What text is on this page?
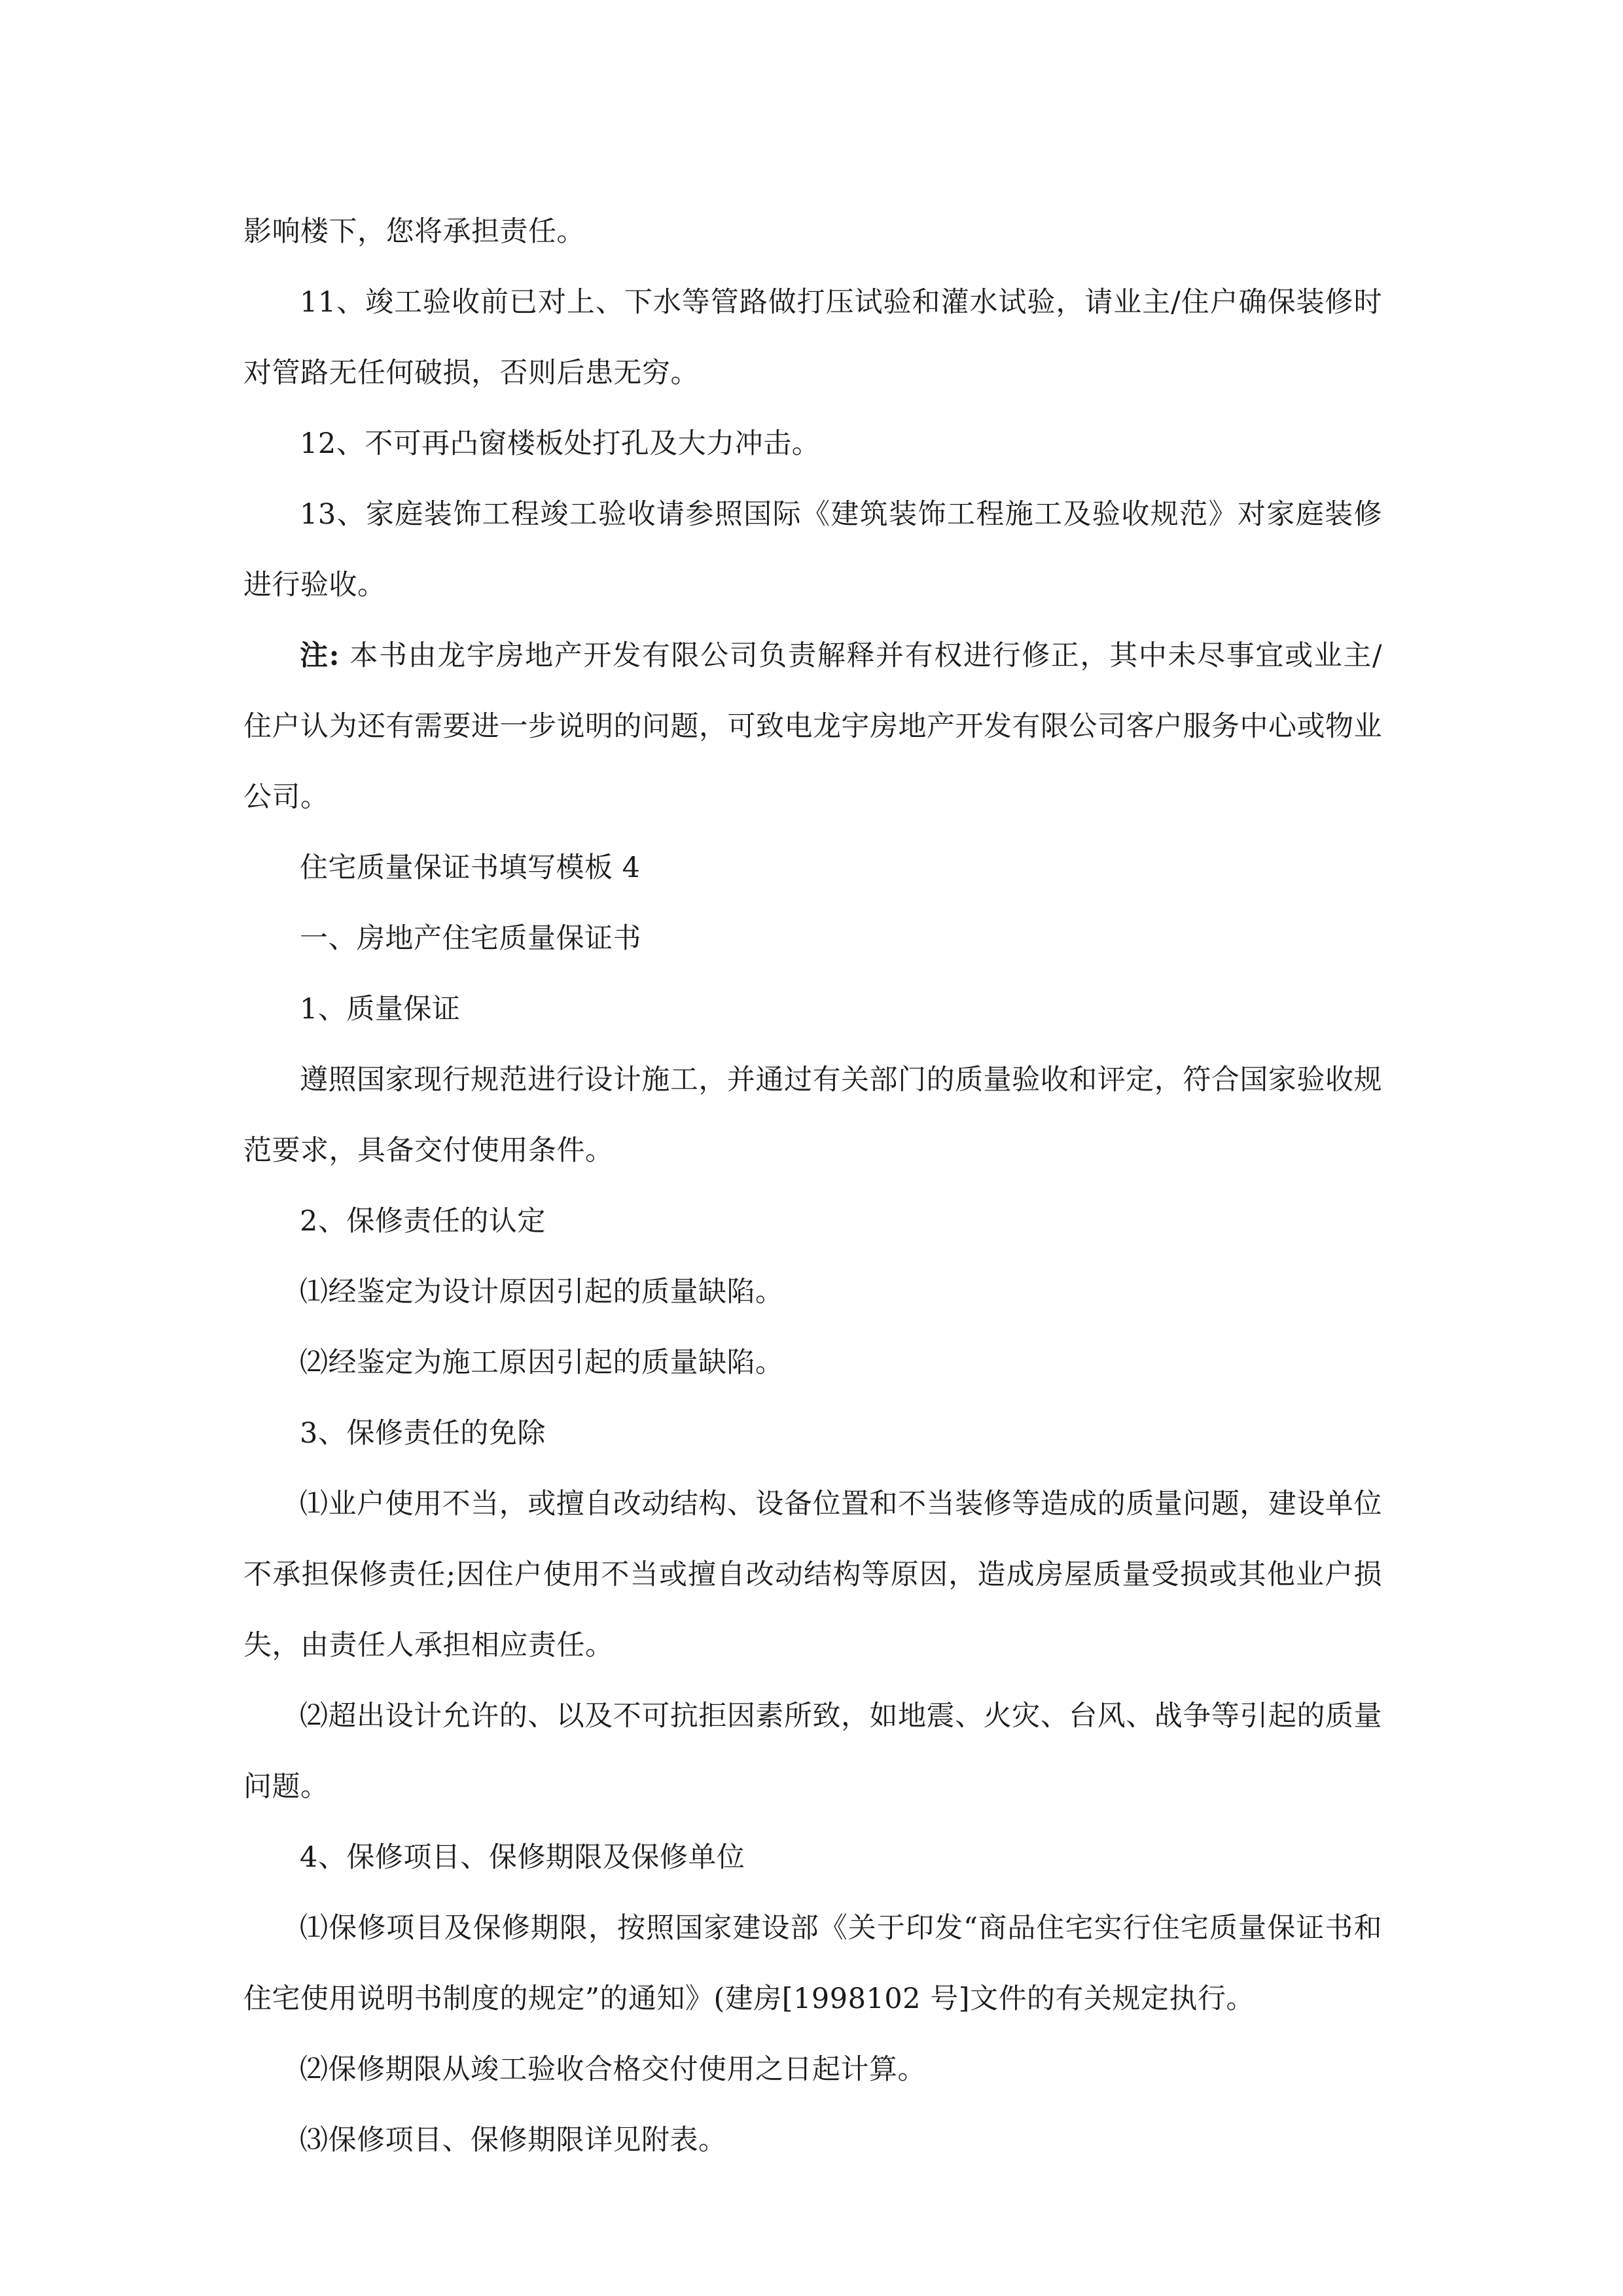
影响楼下，您将承担责任。

11、竣工验收前已对上、下水等管路做打压试验和灌水试验，请业主/住户确保装修时对管路无任何破损，否则后患无穷。

12、不可再凸窗楼板处打孔及大力冲击。

13、家庭装饰工程竣工验收请参照国际《建筑装饰工程施工及验收规范》对家庭装修进行验收。

注: 本书由龙宇房地产开发有限公司负责解释并有权进行修正，其中未尽事宜或业主/住户认为还有需要进一步说明的问题，可致电龙宇房地产开发有限公司客户服务中心或物业公司。

住宅质量保证书填写模板 4

一、房地产住宅质量保证书

1、质量保证

遵照国家现行规范进行设计施工，并通过有关部门的质量验收和评定，符合国家验收规范要求，具备交付使用条件。

2、保修责任的认定

⑴经鉴定为设计原因引起的质量缺陷。

⑵经鉴定为施工原因引起的质量缺陷。

3、保修责任的免除

⑴业户使用不当，或擅自改动结构、设备位置和不当装修等造成的质量问题，建设单位不承担保修责任;因住户使用不当或擅自改动结构等原因，造成房屋质量受损或其他业户损失，由责任人承担相应责任。

⑵超出设计允许的、以及不可抗拒因素所致，如地震、火灾、台风、战争等引起的质量问题。

4、保修项目、保修期限及保修单位

⑴保修项目及保修期限，按照国家建设部《关于印发“商品住宅实行住宅质量保证书和住宅使用说明书制度的规定”的通知》(建房[1998102 号]文件的有关规定执行。

⑵保修期限从竣工验收合格交付使用之日起计算。

⑶保修项目、保修期限详见附表。
